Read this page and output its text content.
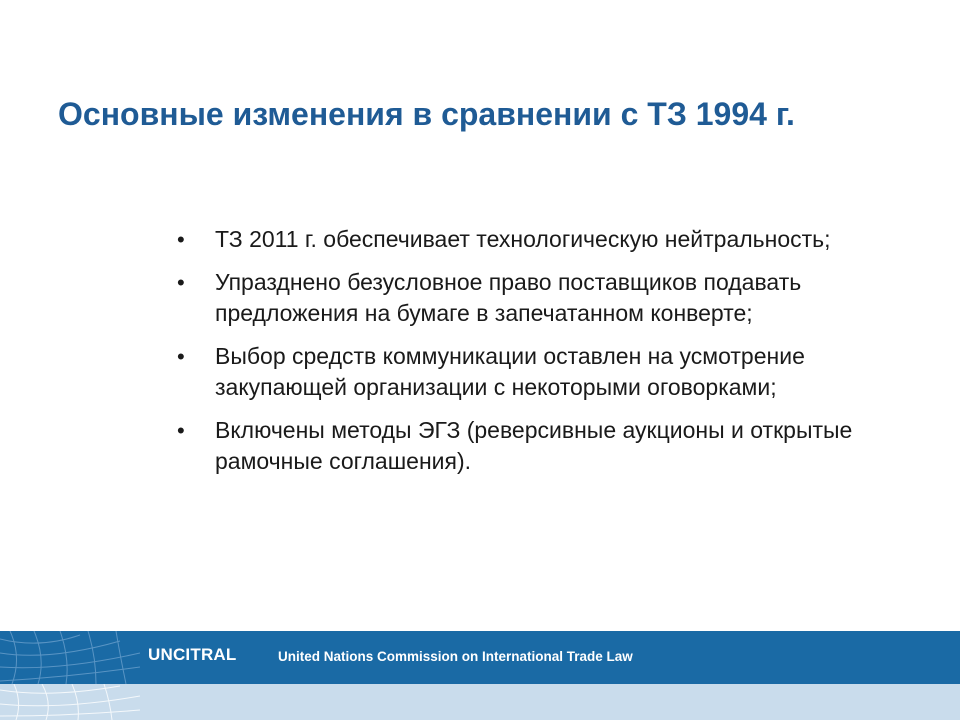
Основные изменения в сравнении с ТЗ 1994 г.
• ТЗ 2011 г. обеспечивает технологическую нейтральность;
• Упразднено безусловное право поставщиков подавать предложения на бумаге в запечатанном конверте;
• Выбор средств коммуникации оставлен на усмотрение закупающей организации с некоторыми оговорками;
• Включены методы ЭГЗ (реверсивные аукционы и открытые рамочные соглашения).
UNCITRAL	United Nations Commission on International Trade Law
